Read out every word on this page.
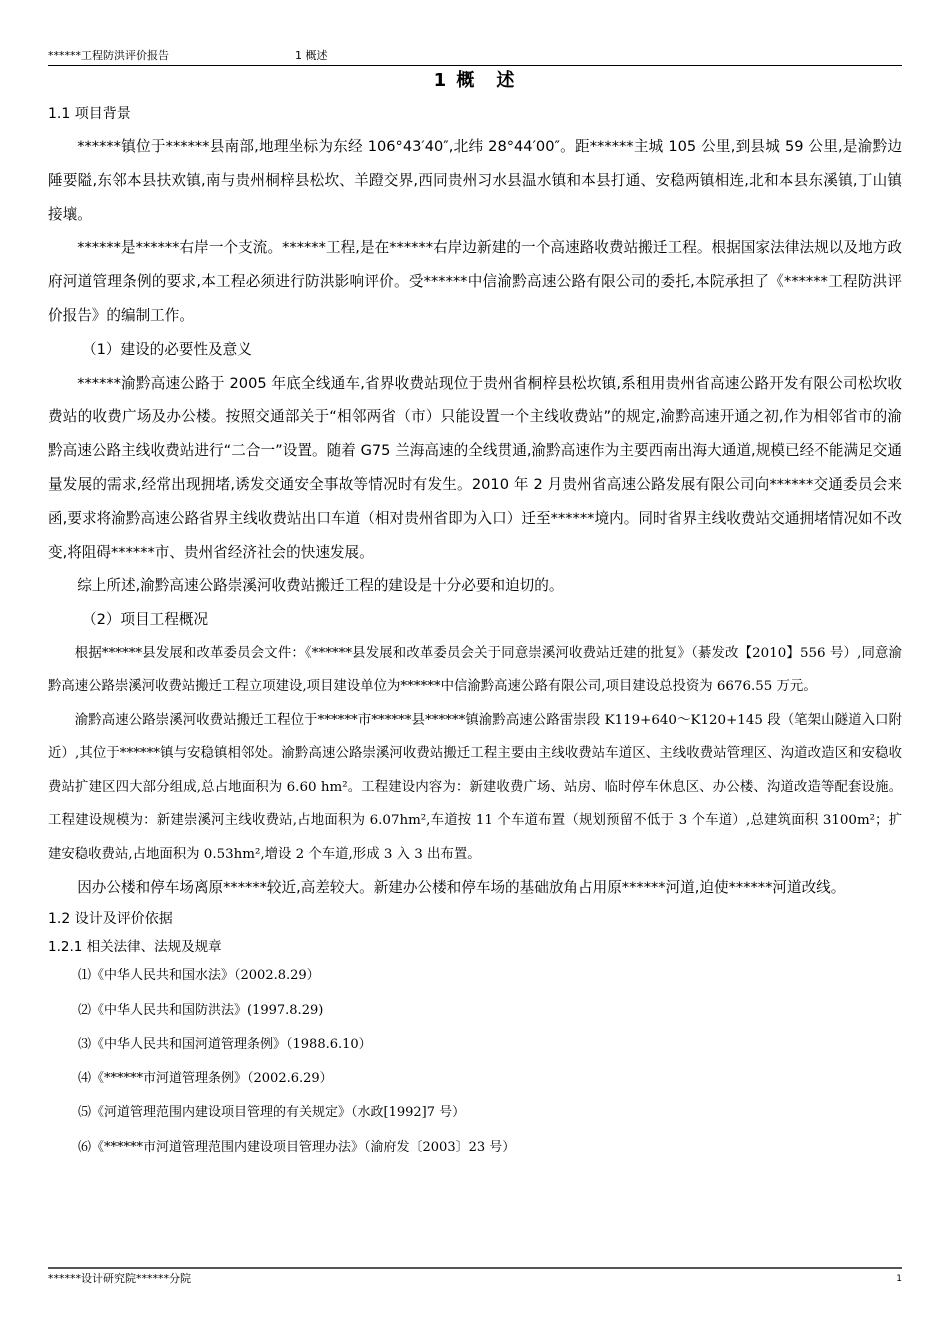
******工程防洪评价报告	1 概述
1 概　述
1.1 项目背景

******镇位于******县南部,地理坐标为东经 106°43′40″,北纬 28°44′00″。距******主城 105 公里,到县城 59 公里,是渝黔边陲要隘,东邻本县扶欢镇,南与贵州桐梓县松坎、羊蹬交界,西同贵州习水县温水镇和本县打通、安稳两镇相连,北和本县东溪镇,丁山镇接壤。

******是******右岸一个支流。******工程,是在******右岸边新建的一个高速路收费站搬迁工程。根据国家法律法规以及地方政府河道管理条例的要求,本工程必须进行防洪影响评价。受******中信渝黔高速公路有限公司的委托,本院承担了《******工程防洪评价报告》的编制工作。

（1）建设的必要性及意义

******渝黔高速公路于 2005 年底全线通车,省界收费站现位于贵州省桐梓县松坎镇,系租用贵州省高速公路开发有限公司松坎收费站的收费广场及办公楼。按照交通部关于“相邻两省（市）只能设置一个主线收费站”的规定,渝黔高速开通之初,作为相邻省市的渝黔高速公路主线收费站进行“二合一”设置。随着 G75 兰海高速的全线贯通,渝黔高速作为主要西南出海大通道,规模已经不能满足交通量发展的需求,经常出现拥堵,诱发交通安全事故等情况时有发生。2010 年 2 月贵州省高速公路发展有限公司向******交通委员会来函,要求将渝黔高速公路省界主线收费站出口车道（相对贵州省即为入口）迁至******境内。同时省界主线收费站交通拥堵情况如不改变,将阻碍******市、贵州省经济社会的快速发展。

综上所述,渝黔高速公路崇溪河收费站搬迁工程的建设是十分必要和迫切的。

（2）项目工程概况

根据******县发展和改革委员会文件：《******县发展和改革委员会关于同意崇溪河收费站迁建的批复》（綦发改【2010】556 号）,同意渝黔高速公路崇溪河收费站搬迁工程立项建设,项目建设单位为******中信渝黔高速公路有限公司,项目建设总投资为 6676.55 万元。

渝黔高速公路崇溪河收费站搬迁工程位于******市******县******镇渝黔高速公路雷崇段 K119+640～K120+145 段（笔架山隧道入口附近）,其位于******镇与安稳镇相邻处。渝黔高速公路崇溪河收费站搬迁工程主要由主线收费站车道区、主线收费站管理区、沟道改造区和安稳收费站扩建区四大部分组成,总占地面积为 6.60 hm²。工程建设内容为：新建收费广场、站房、临时停车休息区、办公楼、沟道改造等配套设施。工程建设规模为：新建崇溪河主线收费站,占地面积为 6.07hm²,车道按 11 个车道布置（规划预留不低于 3 个车道）,总建筑面积 3100m²；扩建安稳收费站,占地面积为 0.53hm²,增设 2 个车道,形成 3 入 3 出布置。

因办公楼和停车场离原******较近,高差较大。新建办公楼和停车场的基础放角占用原******河道,迫使******河道改线。

1.2 设计及评价依据
1.2.1 相关法律、法规及规章
⑴《中华人民共和国水法》（2002.8.29）
⑵《中华人民共和国防洪法》(1997.8.29)
⑶《中华人民共和国河道管理条例》（1988.6.10）
⑷《******市河道管理条例》（2002.6.29）
⑸《河道管理范围内建设项目管理的有关规定》（水政[1992]7 号）
⑹《******市河道管理范围内建设项目管理办法》（渝府发〔2003〕23 号）
******设计研究院******分院	1
